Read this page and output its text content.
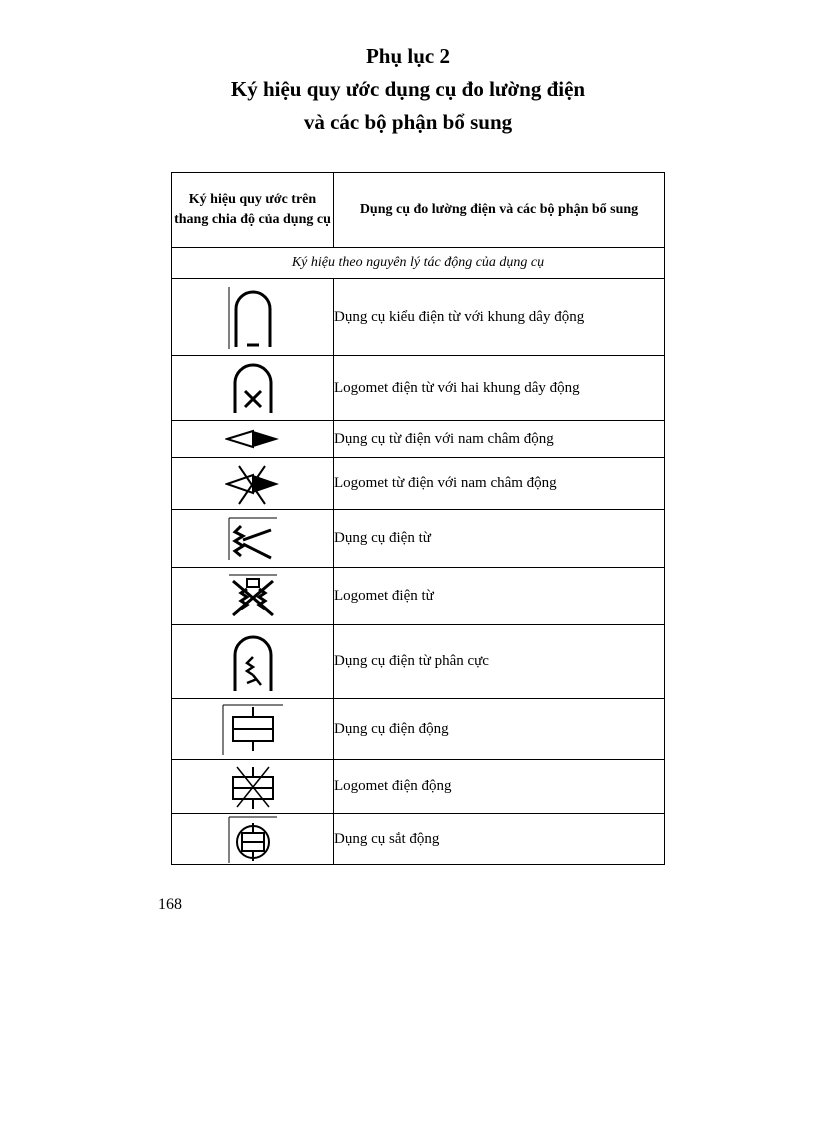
Phụ lục 2
Ký hiệu quy ước dụng cụ đo lường điện
và các bộ phận bổ sung
Ký hiệu quy ước trên thang chia độ của dụng cụ	Dụng cụ đo lường điện và các bộ phận bổ sung
Ký hiệu theo nguyên lý tác động của dụng cụ	

	Dụng cụ kiểu điện từ với khung dây động

	Logomet điện từ với hai khung dây động

	Dụng cụ từ điện với nam châm động

	Logomet từ điện với nam châm động

	Dụng cụ điện từ

	Logomet điện từ

	Dụng cụ điện từ phân cực

	Dụng cụ điện động

	Logomet điện động

	Dụng cụ sắt động
168
